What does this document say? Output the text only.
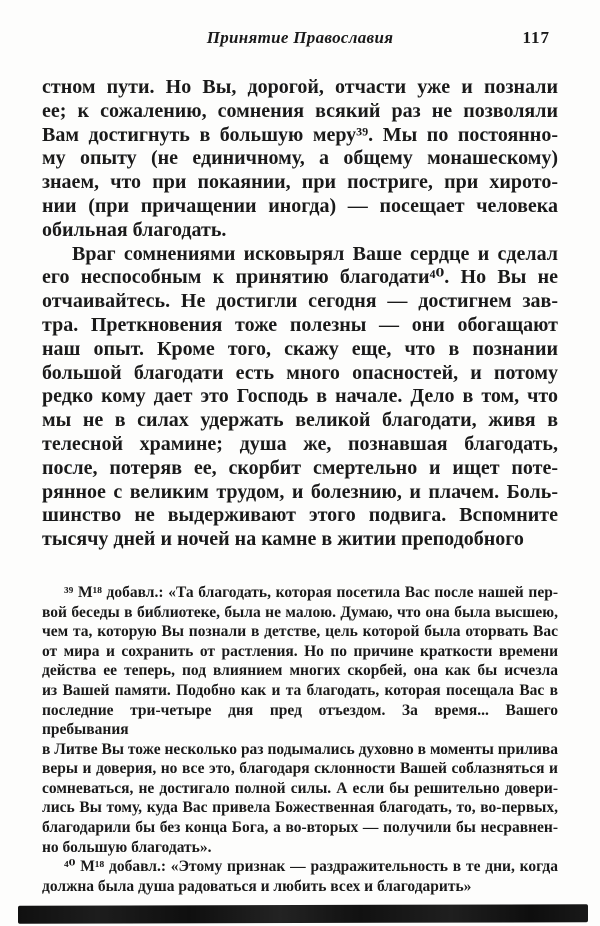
Принятие Православия	117
стном пути. Но Вы, дорогой, отчасти уже и познали
ее; к сожалению, сомнения всякий раз не позволяли
Вам достигнуть в большую меру³⁹. Мы по постоянно-
му опыту (не единичному, а общему монашескому)
знаем, что при покаянии, при постриге, при хирото-
нии (при причащении иногда) — посещает человека
обильная благодать.
Враг сомнениями исковырял Ваше сердце и сделал
его неспособным к принятию благодати⁴⁰. Но Вы не
отчаивайтесь. Не достигли сегодня — достигнем зав-
тра. Преткновения тоже полезны — они обогащают
наш опыт. Кроме того, скажу еще, что в познании
большой благодати есть много опасностей, и потому
редко кому дает это Господь в начале. Дело в том, что
мы не в силах удержать великой благодати, живя в
телесной храмине; душа же, познавшая благодать,
после, потеряв ее, скорбит смертельно и ищет поте-
рянное с великим трудом, и болезнию, и плачем. Боль-
шинство не выдерживают этого подвига. Вспомните
тысячу дней и ночей на камне в житии преподобного
³⁹ М¹⁸ добавл.: «Та благодать, которая посетила Вас после нашей пер-
вой беседы в библиотеке, была не малою. Думаю, что она была высшею,
чем та, которую Вы познали в детстве, цель которой была оторвать Вас
от мира и сохранить от растления. Но по причине краткости времени
действа ее теперь, под влиянием многих скорбей, она как бы исчезла
из Вашей памяти. Подобно как и та благодать, которая посещала Вас в
последние три-четыре дня пред отъездом. За время... Вашего пребывания
в Литве Вы тоже несколько раз подымались духовно в моменты прилива
веры и доверия, но все это, благодаря склонности Вашей соблазняться и
сомневаться, не достигало полной силы. А если бы решительно довери-
лись Вы тому, куда Вас привела Божественная благодать, то, во-первых,
благодарили бы без конца Бога, а во-вторых — получили бы несравнен-
но большую благодать».
⁴⁰ М¹⁸ добавл.: «Этому признак — раздражительность в те дни, когда
должна была душа радоваться и любить всех и благодарить»
